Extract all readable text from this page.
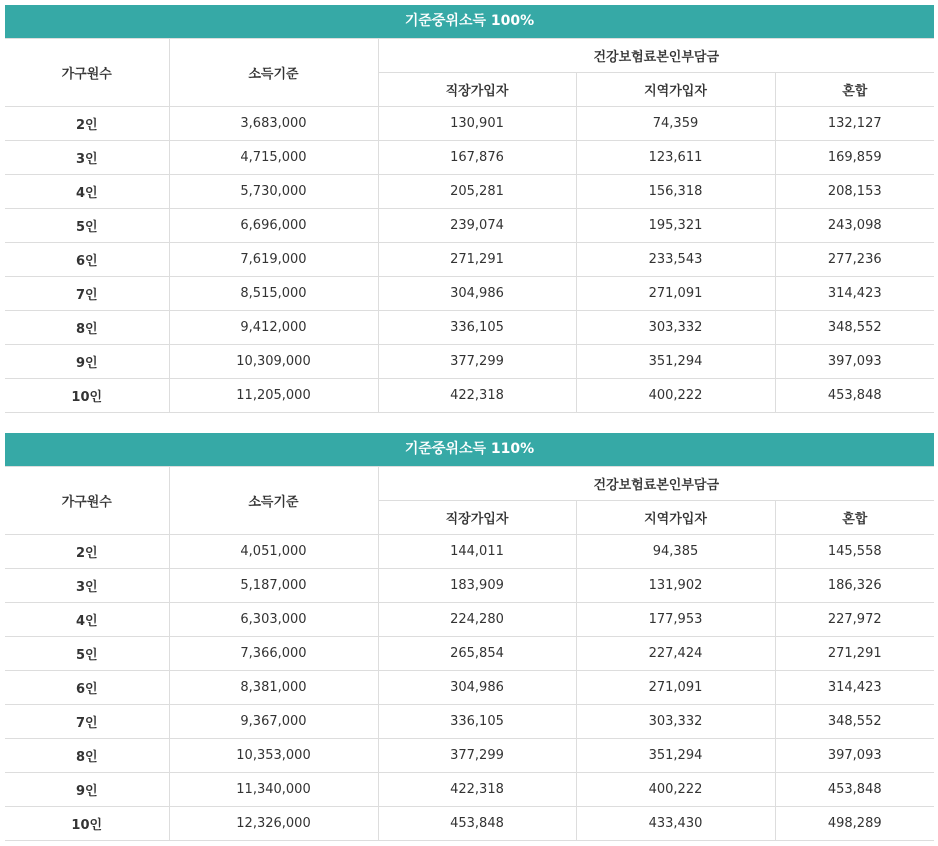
기준중위소득 100%
가구원수	소득기준	건강보험료본인부담금		
		직장가입자	지역가입자	혼합
2인	3,683,000	130,901	74,359	132,127
3인	4,715,000	167,876	123,611	169,859
4인	5,730,000	205,281	156,318	208,153
5인	6,696,000	239,074	195,321	243,098
6인	7,619,000	271,291	233,543	277,236
7인	8,515,000	304,986	271,091	314,423
8인	9,412,000	336,105	303,332	348,552
9인	10,309,000	377,299	351,294	397,093
10인	11,205,000	422,318	400,222	453,848
기준중위소득 110%
가구원수	소득기준	건강보험료본인부담금		
		직장가입자	지역가입자	혼합
2인	4,051,000	144,011	94,385	145,558
3인	5,187,000	183,909	131,902	186,326
4인	6,303,000	224,280	177,953	227,972
5인	7,366,000	265,854	227,424	271,291
6인	8,381,000	304,986	271,091	314,423
7인	9,367,000	336,105	303,332	348,552
8인	10,353,000	377,299	351,294	397,093
9인	11,340,000	422,318	400,222	453,848
10인	12,326,000	453,848	433,430	498,289
